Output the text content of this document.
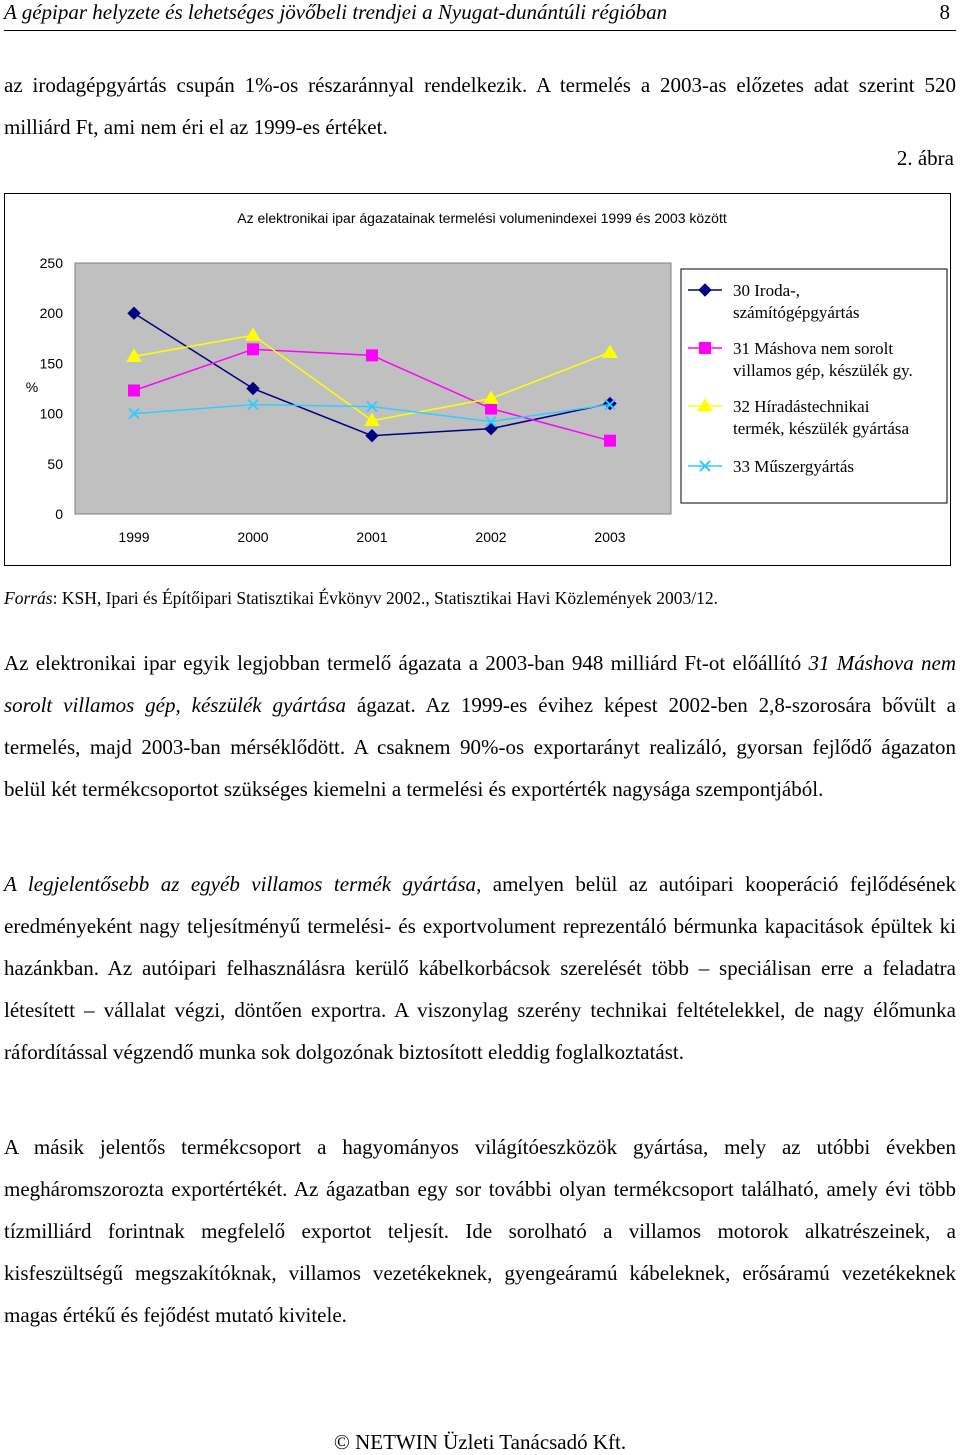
A gépipar helyzete és lehetséges jövőbeli trendjei a Nyugat-dunántúli régióban	8
az irodagépgyártás csupán 1%-os részaránnyal rendelkezik. A termelés a 2003-as előzetes adat szerint 520 milliárd Ft, ami nem éri el az 1999-es értéket.
2. ábra
Az elektronikai ipar ágazatainak termelési volumenindexei 1999 és 2003 között
%
0
50
100
150
200
250
1999	2000	2001	2002	2003
30 Iroda-,
számítógépgyártás
31 Máshova nem sorolt
villamos gép, készülék gy.
32 Híradástechnikai
termék, készülék gyártása
33 Műszergyártás
Forrás: KSH, Ipari és Építőipari Statisztikai Évkönyv 2002., Statisztikai Havi Közlemények 2003/12.
Az elektronikai ipar egyik legjobban termelő ágazata a 2003-ban 948 milliárd Ft-ot előállító 31 Máshova nem sorolt villamos gép, készülék gyártása ágazat. Az 1999-es évihez képest 2002-ben 2,8-szorosára bővült a termelés, majd 2003-ban mérséklődött. A csaknem 90%-os exportarányt realizáló, gyorsan fejlődő ágazaton belül két termékcsoportot szükséges kiemelni a termelési és exportérték nagysága szempontjából.
A legjelentősebb az egyéb villamos termék gyártása, amelyen belül az autóipari kooperáció fejlődésének eredményeként nagy teljesítményű termelési- és exportvolument reprezentáló bérmunka kapacitások épültek ki hazánkban. Az autóipari felhasználásra kerülő kábelkorbácsok szerelését több – speciálisan erre a feladatra létesített – vállalat végzi, döntően exportra. A viszonylag szerény technikai feltételekkel, de nagy élőmunka ráfordítással végzendő munka sok dolgozónak biztosított eleddig foglalkoztatást.
A másik jelentős termékcsoport a hagyományos világítóeszközök gyártása, mely az utóbbi években megháromszorozta exportértékét. Az ágazatban egy sor további olyan termékcsoport található, amely évi több tízmilliárd forintnak megfelelő exportot teljesít. Ide sorolható a villamos motorok alkatrészeinek, a kisfeszültségű megszakítóknak, villamos vezetékeknek, gyengeáramú kábeleknek, erősáramú vezetékeknek magas értékű és fejődést mutató kivitele.
© NETWIN Üzleti Tanácsadó Kft.
